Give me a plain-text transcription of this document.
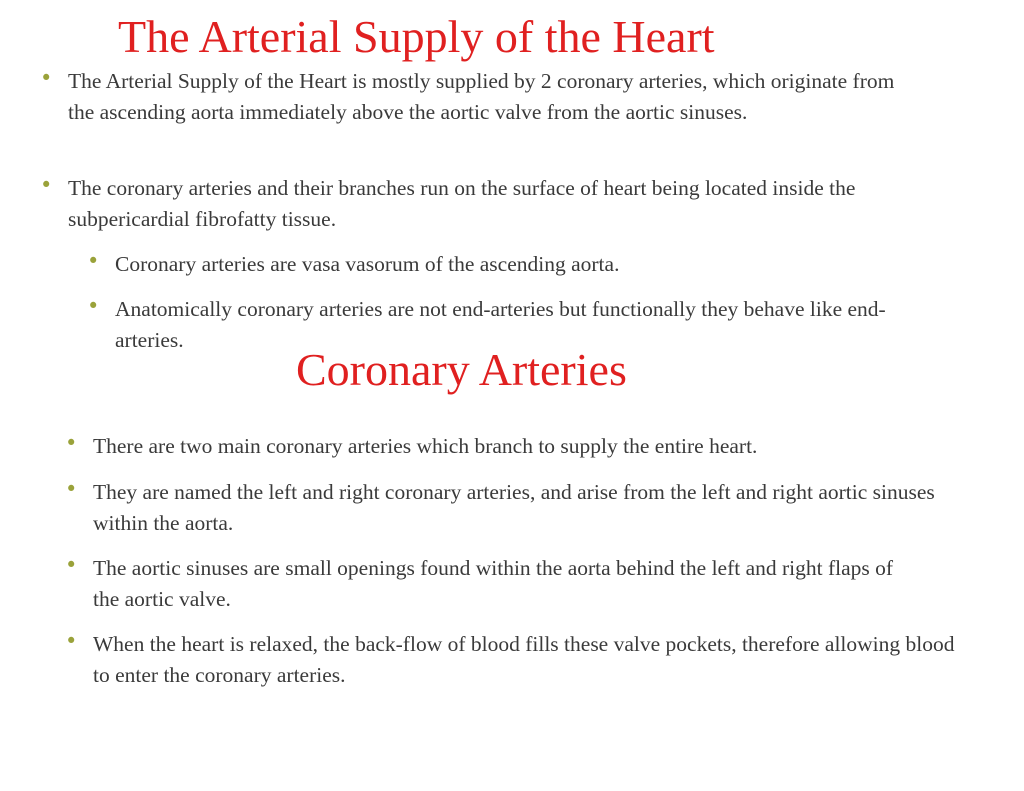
The Arterial Supply of the Heart
• The Arterial Supply of the Heart is mostly supplied by 2 coronary arteries, which originate from the ascending aorta immediately above the aortic valve from the aortic sinuses.
• The coronary arteries and their branches run on the surface of heart being located inside the subpericardial fibrofatty tissue.
• Coronary arteries are vasa vasorum of the ascending aorta.
• Anatomically coronary arteries are not end-arteries but functionally they behave like end-arteries.
Coronary Arteries
• There are two main coronary arteries which branch to supply the entire heart.
• They are named the left and right coronary arteries, and arise from the left and right aortic sinuses within the aorta.
• The aortic sinuses are small openings found within the aorta behind the left and right flaps of the aortic valve.
• When the heart is relaxed, the back-flow of blood fills these valve pockets, therefore allowing blood to enter the coronary arteries.
